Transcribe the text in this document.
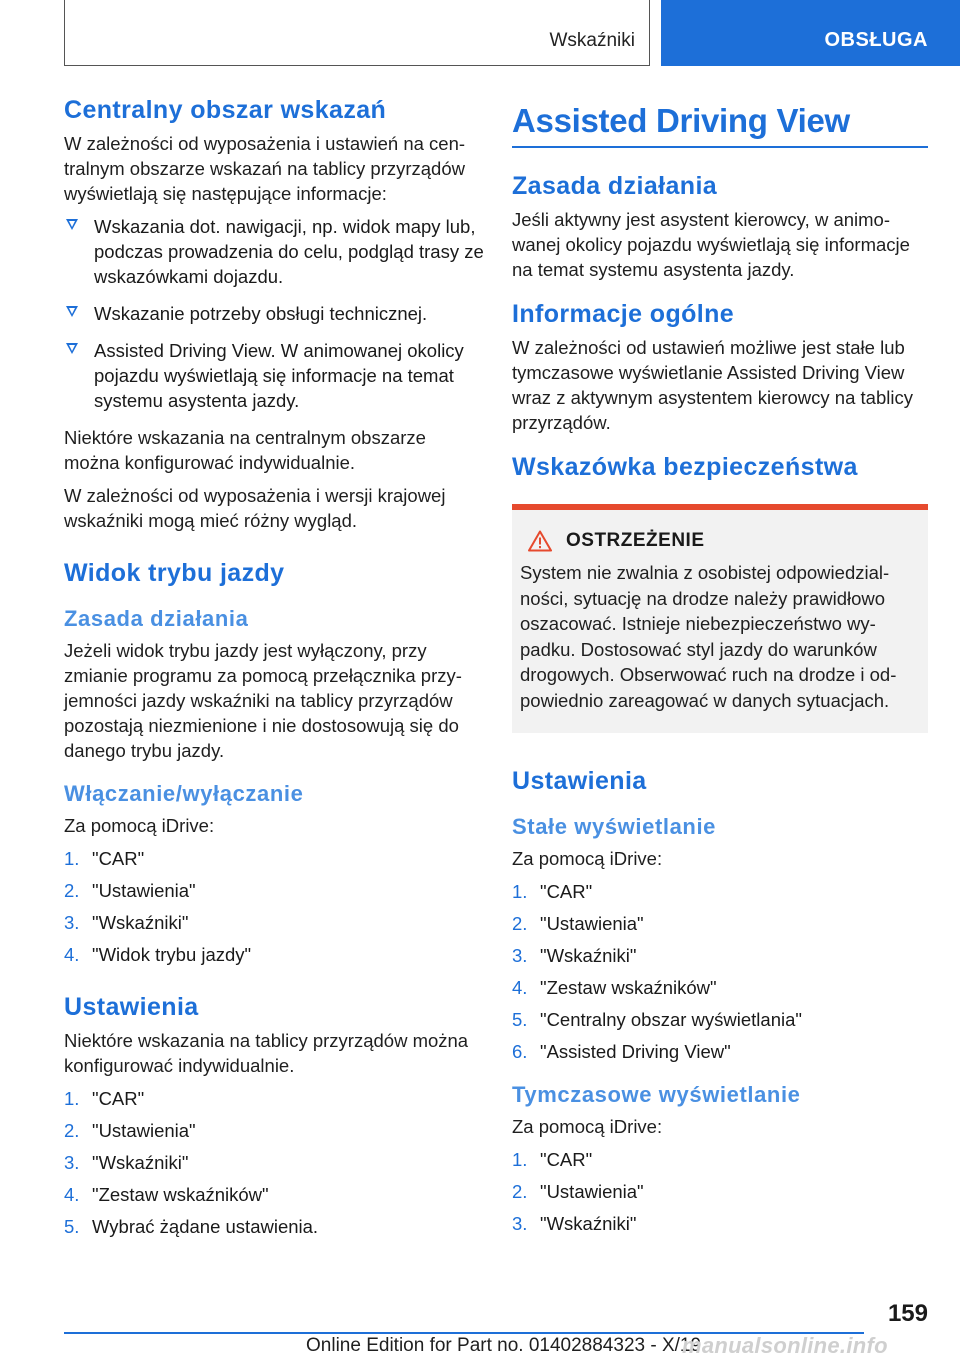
Wskaźniki	OBSŁUGA
Centralny obszar wskazań

W zależności od wyposażenia i ustawień na centralnym obszarze wskazań na tablicy przyrządów wyświetlają się następujące informacje:

Wskazania dot. nawigacji, np. widok mapy lub, podczas prowadzenia do celu, podgląd trasy ze wskazówkami dojazdu.
Wskazanie potrzeby obsługi technicznej.
Assisted Driving View. W animowanej okolicy pojazdu wyświetlają się informacje na temat systemu asystenta jazdy.

Niektóre wskazania na centralnym obszarze można konfigurować indywidualnie.

W zależności od wyposażenia i wersji krajowej wskaźniki mogą mieć różny wygląd.

Widok trybu jazdy
Zasada działania

Jeżeli widok trybu jazdy jest wyłączony, przy zmianie programu za pomocą przełącznika przyjemności jazdy wskaźniki na tablicy przyrządów pozostają niezmienione i nie dostosowują się do danego trybu jazdy.

Włączanie/wyłączanie

Za pomocą iDrive:

1. "CAR"
2. "Ustawienia"
3. "Wskaźniki"
4. "Widok trybu jazdy"
Ustawienia

Niektóre wskazania na tablicy przyrządów można konfigurować indywidualnie.

1. "CAR"
2. "Ustawienia"
3. "Wskaźniki"
4. "Zestaw wskaźników"
5. Wybrać żądane ustawienia.
Assisted Driving View
Zasada działania

Jeśli aktywny jest asystent kierowcy, w animowanej okolicy pojazdu wyświetlają się informacje na temat systemu asystenta jazdy.

Informacje ogólne

W zależności od ustawień możliwe jest stałe lub tymczasowe wyświetlanie Assisted Driving View wraz z aktywnym asystentem kierowcy na tablicy przyrządów.

Wskazówka bezpieczeństwa
OSTRZEŻENIE

System nie zwalnia z osobistej odpowiedzialności, sytuację na drodze należy prawidłowo oszacować. Istnieje niebezpieczeństwo wypadku. Dostosować styl jazdy do warunków drogowych. Obserwować ruch na drodze i odpowiednio zareagować w danych sytuacjach.

Ustawienia
Stałe wyświetlanie

Za pomocą iDrive:

1. "CAR"
2. "Ustawienia"
3. "Wskaźniki"
4. "Zestaw wskaźników"
5. "Centralny obszar wyświetlania"
6. "Assisted Driving View"
Tymczasowe wyświetlanie

Za pomocą iDrive:

1. "CAR"
2. "Ustawienia"
3. "Wskaźniki"
159
Online Edition for Part no. 01402884323 - X/19
manualsonline.info
